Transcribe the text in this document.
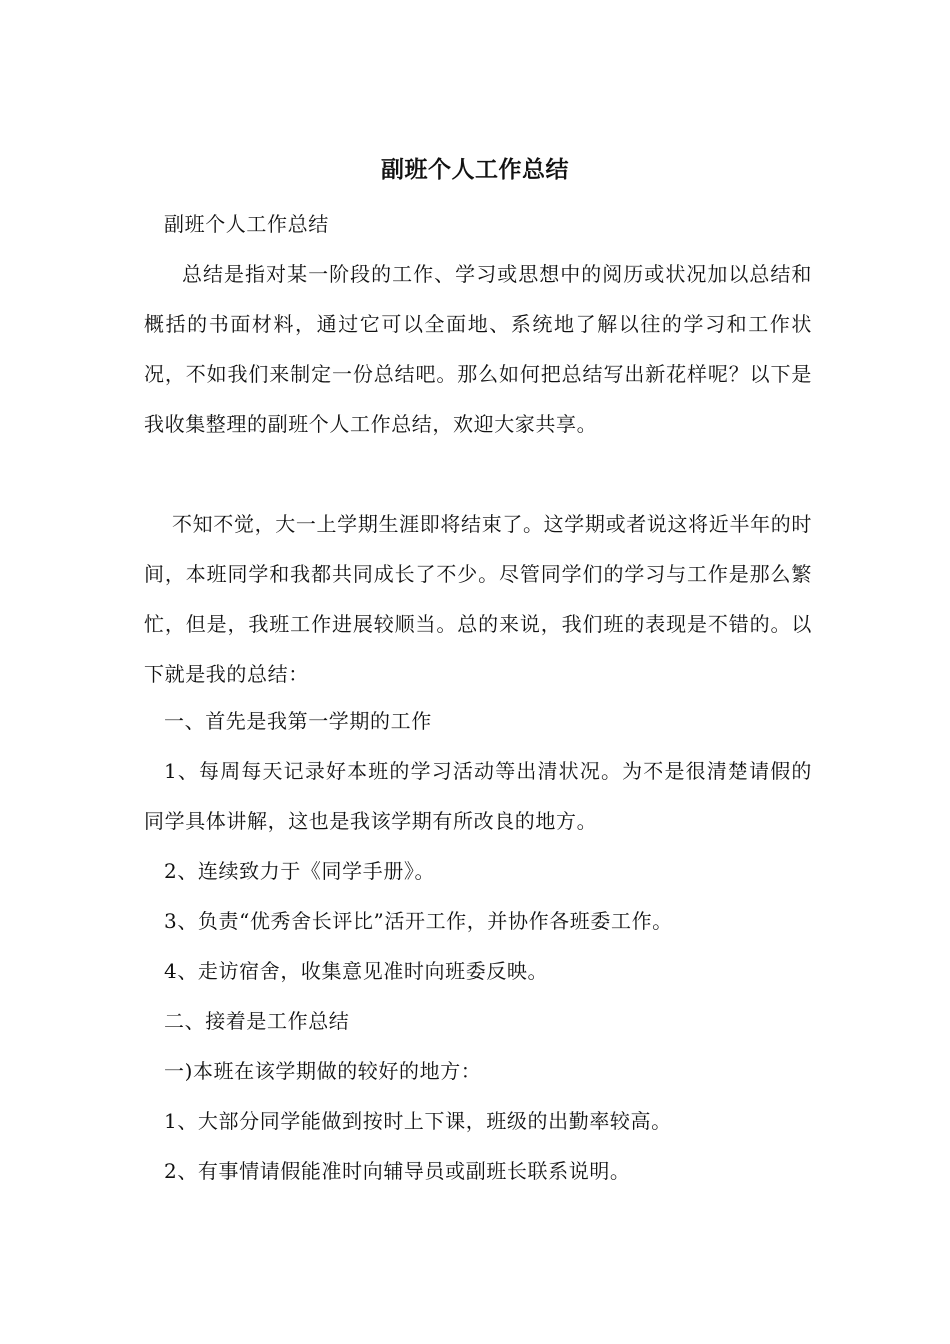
副班个人工作总结

副班个人工作总结

总结是指对某一阶段的工作、学习或思想中的阅历或状况加以总结和概括的书面材料，通过它可以全面地、系统地了解以往的学习和工作状况，不如我们来制定一份总结吧。那么如何把总结写出新花样呢？以下是我收集整理的副班个人工作总结，欢迎大家共享。

不知不觉，大一上学期生涯即将结束了。这学期或者说这将近半年的时间，本班同学和我都共同成长了不少。尽管同学们的学习与工作是那么繁忙，但是，我班工作进展较顺当。总的来说，我们班的表现是不错的。以下就是我的总结：

一、首先是我第一学期的工作

1、每周每天记录好本班的学习活动等出清状况。为不是很清楚请假的同学具体讲解，这也是我该学期有所改良的地方。

2、连续致力于《同学手册》。

3、负责“优秀舍长评比”活开工作，并协作各班委工作。

4、走访宿舍，收集意见准时向班委反映。

二、接着是工作总结

一)本班在该学期做的较好的地方：

1、大部分同学能做到按时上下课，班级的出勤率较高。

2、有事情请假能准时向辅导员或副班长联系说明。
